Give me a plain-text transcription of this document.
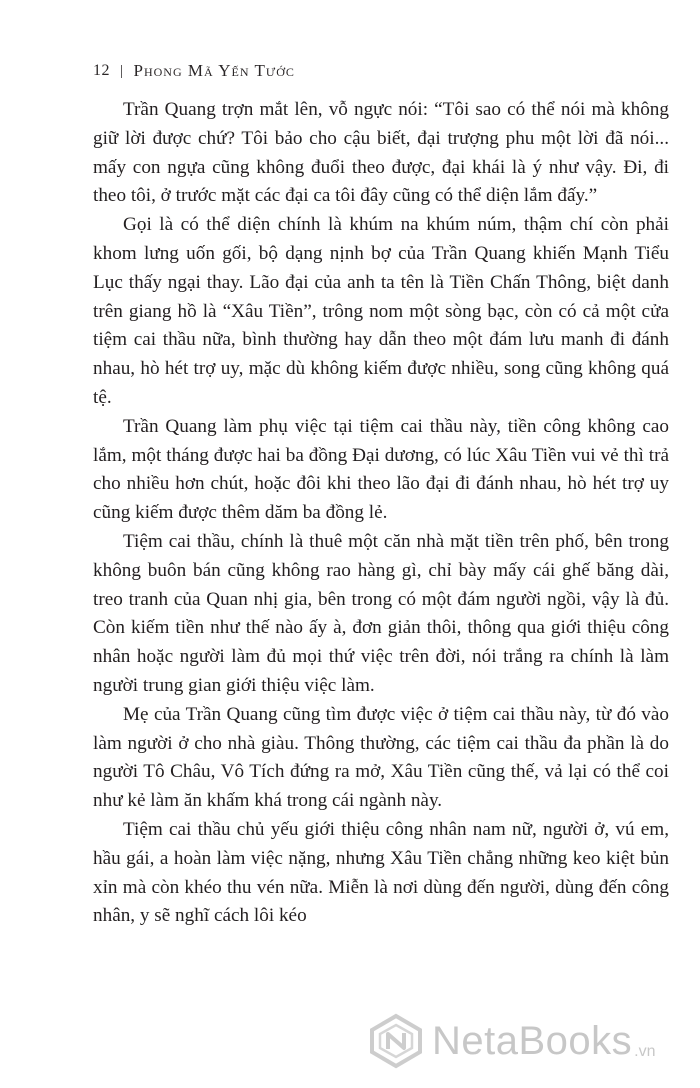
12 | Phong Mã Yến Tước

Trần Quang trợn mắt lên, vỗ ngực nói: “Tôi sao có thể nói mà không giữ lời được chứ? Tôi bảo cho cậu biết, đại trượng phu một lời đã nói... mấy con ngựa cũng không đuổi theo được, đại khái là ý như vậy. Đi, đi theo tôi, ở trước mặt các đại ca tôi đây cũng có thể diện lắm đấy.”

Gọi là có thể diện chính là khúm na khúm núm, thậm chí còn phải khom lưng uốn gối, bộ dạng nịnh bợ của Trần Quang khiến Mạnh Tiểu Lục thấy ngại thay. Lão đại của anh ta tên là Tiền Chấn Thông, biệt danh trên giang hồ là “Xâu Tiền”, trông nom một sòng bạc, còn có cả một cửa tiệm cai thầu nữa, bình thường hay dẫn theo một đám lưu manh đi đánh nhau, hò hét trợ uy, mặc dù không kiếm được nhiều, song cũng không quá tệ.

Trần Quang làm phụ việc tại tiệm cai thầu này, tiền công không cao lắm, một tháng được hai ba đồng Đại dương, có lúc Xâu Tiền vui vẻ thì trả cho nhiều hơn chút, hoặc đôi khi theo lão đại đi đánh nhau, hò hét trợ uy cũng kiếm được thêm dăm ba đồng lẻ.

Tiệm cai thầu, chính là thuê một căn nhà mặt tiền trên phố, bên trong không buôn bán cũng không rao hàng gì, chỉ bày mấy cái ghế băng dài, treo tranh của Quan nhị gia, bên trong có một đám người ngồi, vậy là đủ. Còn kiếm tiền như thế nào ấy à, đơn giản thôi, thông qua giới thiệu công nhân hoặc người làm đủ mọi thứ việc trên đời, nói trắng ra chính là làm người trung gian giới thiệu việc làm.

Mẹ của Trần Quang cũng tìm được việc ở tiệm cai thầu này, từ đó vào làm người ở cho nhà giàu. Thông thường, các tiệm cai thầu đa phần là do người Tô Châu, Vô Tích đứng ra mở, Xâu Tiền cũng thế, vả lại có thể coi như kẻ làm ăn khấm khá trong cái ngành này.

Tiệm cai thầu chủ yếu giới thiệu công nhân nam nữ, người ở, vú em, hầu gái, a hoàn làm việc nặng, nhưng Xâu Tiền chẳng những keo kiệt bủn xỉn mà còn khéo thu vén nữa. Miễn là nơi dùng đến người, dùng đến công nhân, y sẽ nghĩ cách lôi kéo

NetaBooks .vn
